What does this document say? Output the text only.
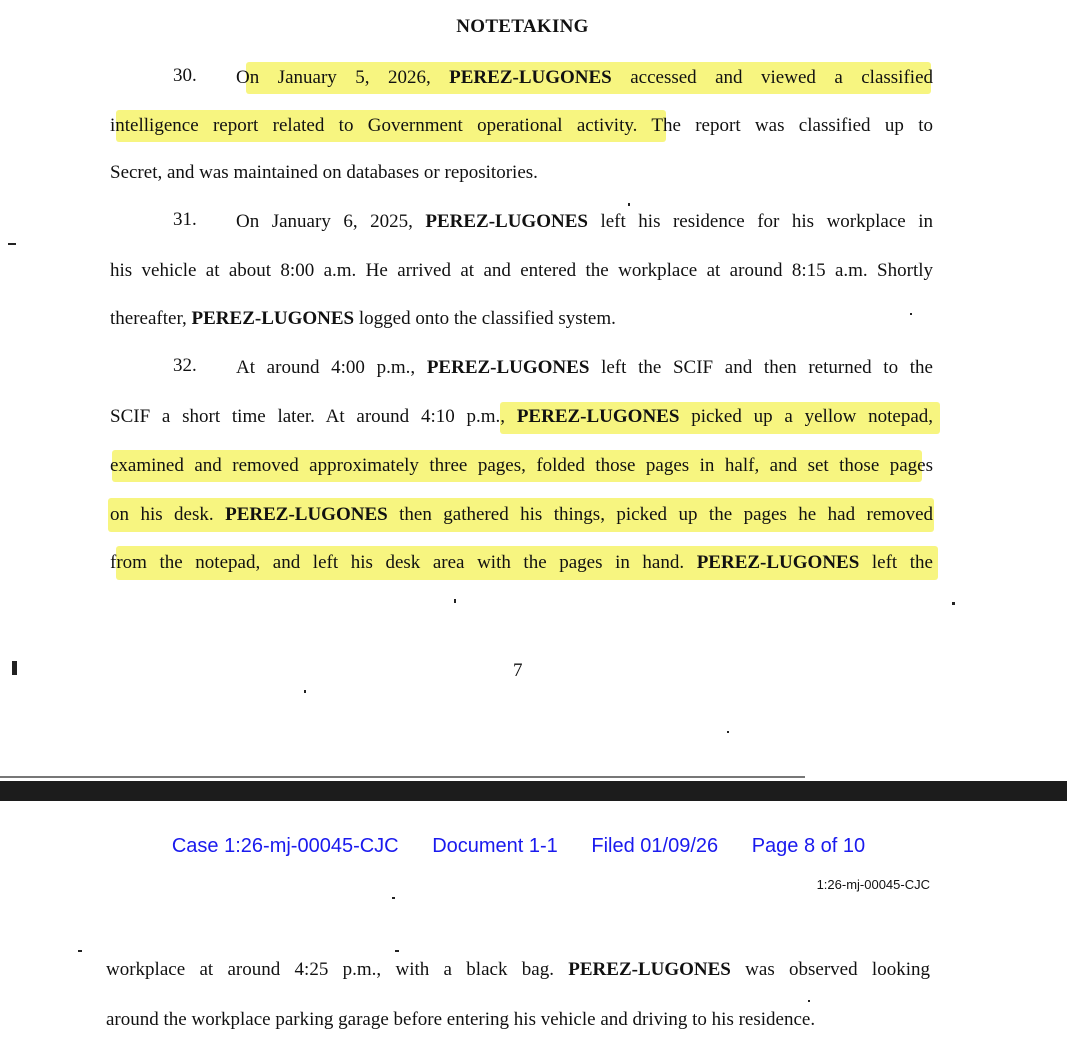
NOTETAKING
30. On January 5, 2026, PEREZ-LUGONES accessed and viewed a classified
intelligence report related to Government operational activity. The report was classified up to
Secret, and was maintained on databases or repositories.
31. On January 6, 2025, PEREZ-LUGONES left his residence for his workplace in
his vehicle at about 8:00 a.m. He arrived at and entered the workplace at around 8:15 a.m. Shortly
thereafter, PEREZ-LUGONES logged onto the classified system.
32. At around 4:00 p.m., PEREZ-LUGONES left the SCIF and then returned to the
SCIF a short time later. At around 4:10 p.m., PEREZ-LUGONES picked up a yellow notepad,
examined and removed approximately three pages, folded those pages in half, and set those pages
on his desk. PEREZ-LUGONES then gathered his things, picked up the pages he had removed
from the notepad, and left his desk area with the pages in hand. PEREZ-LUGONES left the
7
Case 1:26-mj-00045-CJC Document 1-1 Filed 01/09/26 Page 8 of 10
1:26-mj-00045-CJC
workplace at around 4:25 p.m., with a black bag. PEREZ-LUGONES was observed looking
around the workplace parking garage before entering his vehicle and driving to his residence.
